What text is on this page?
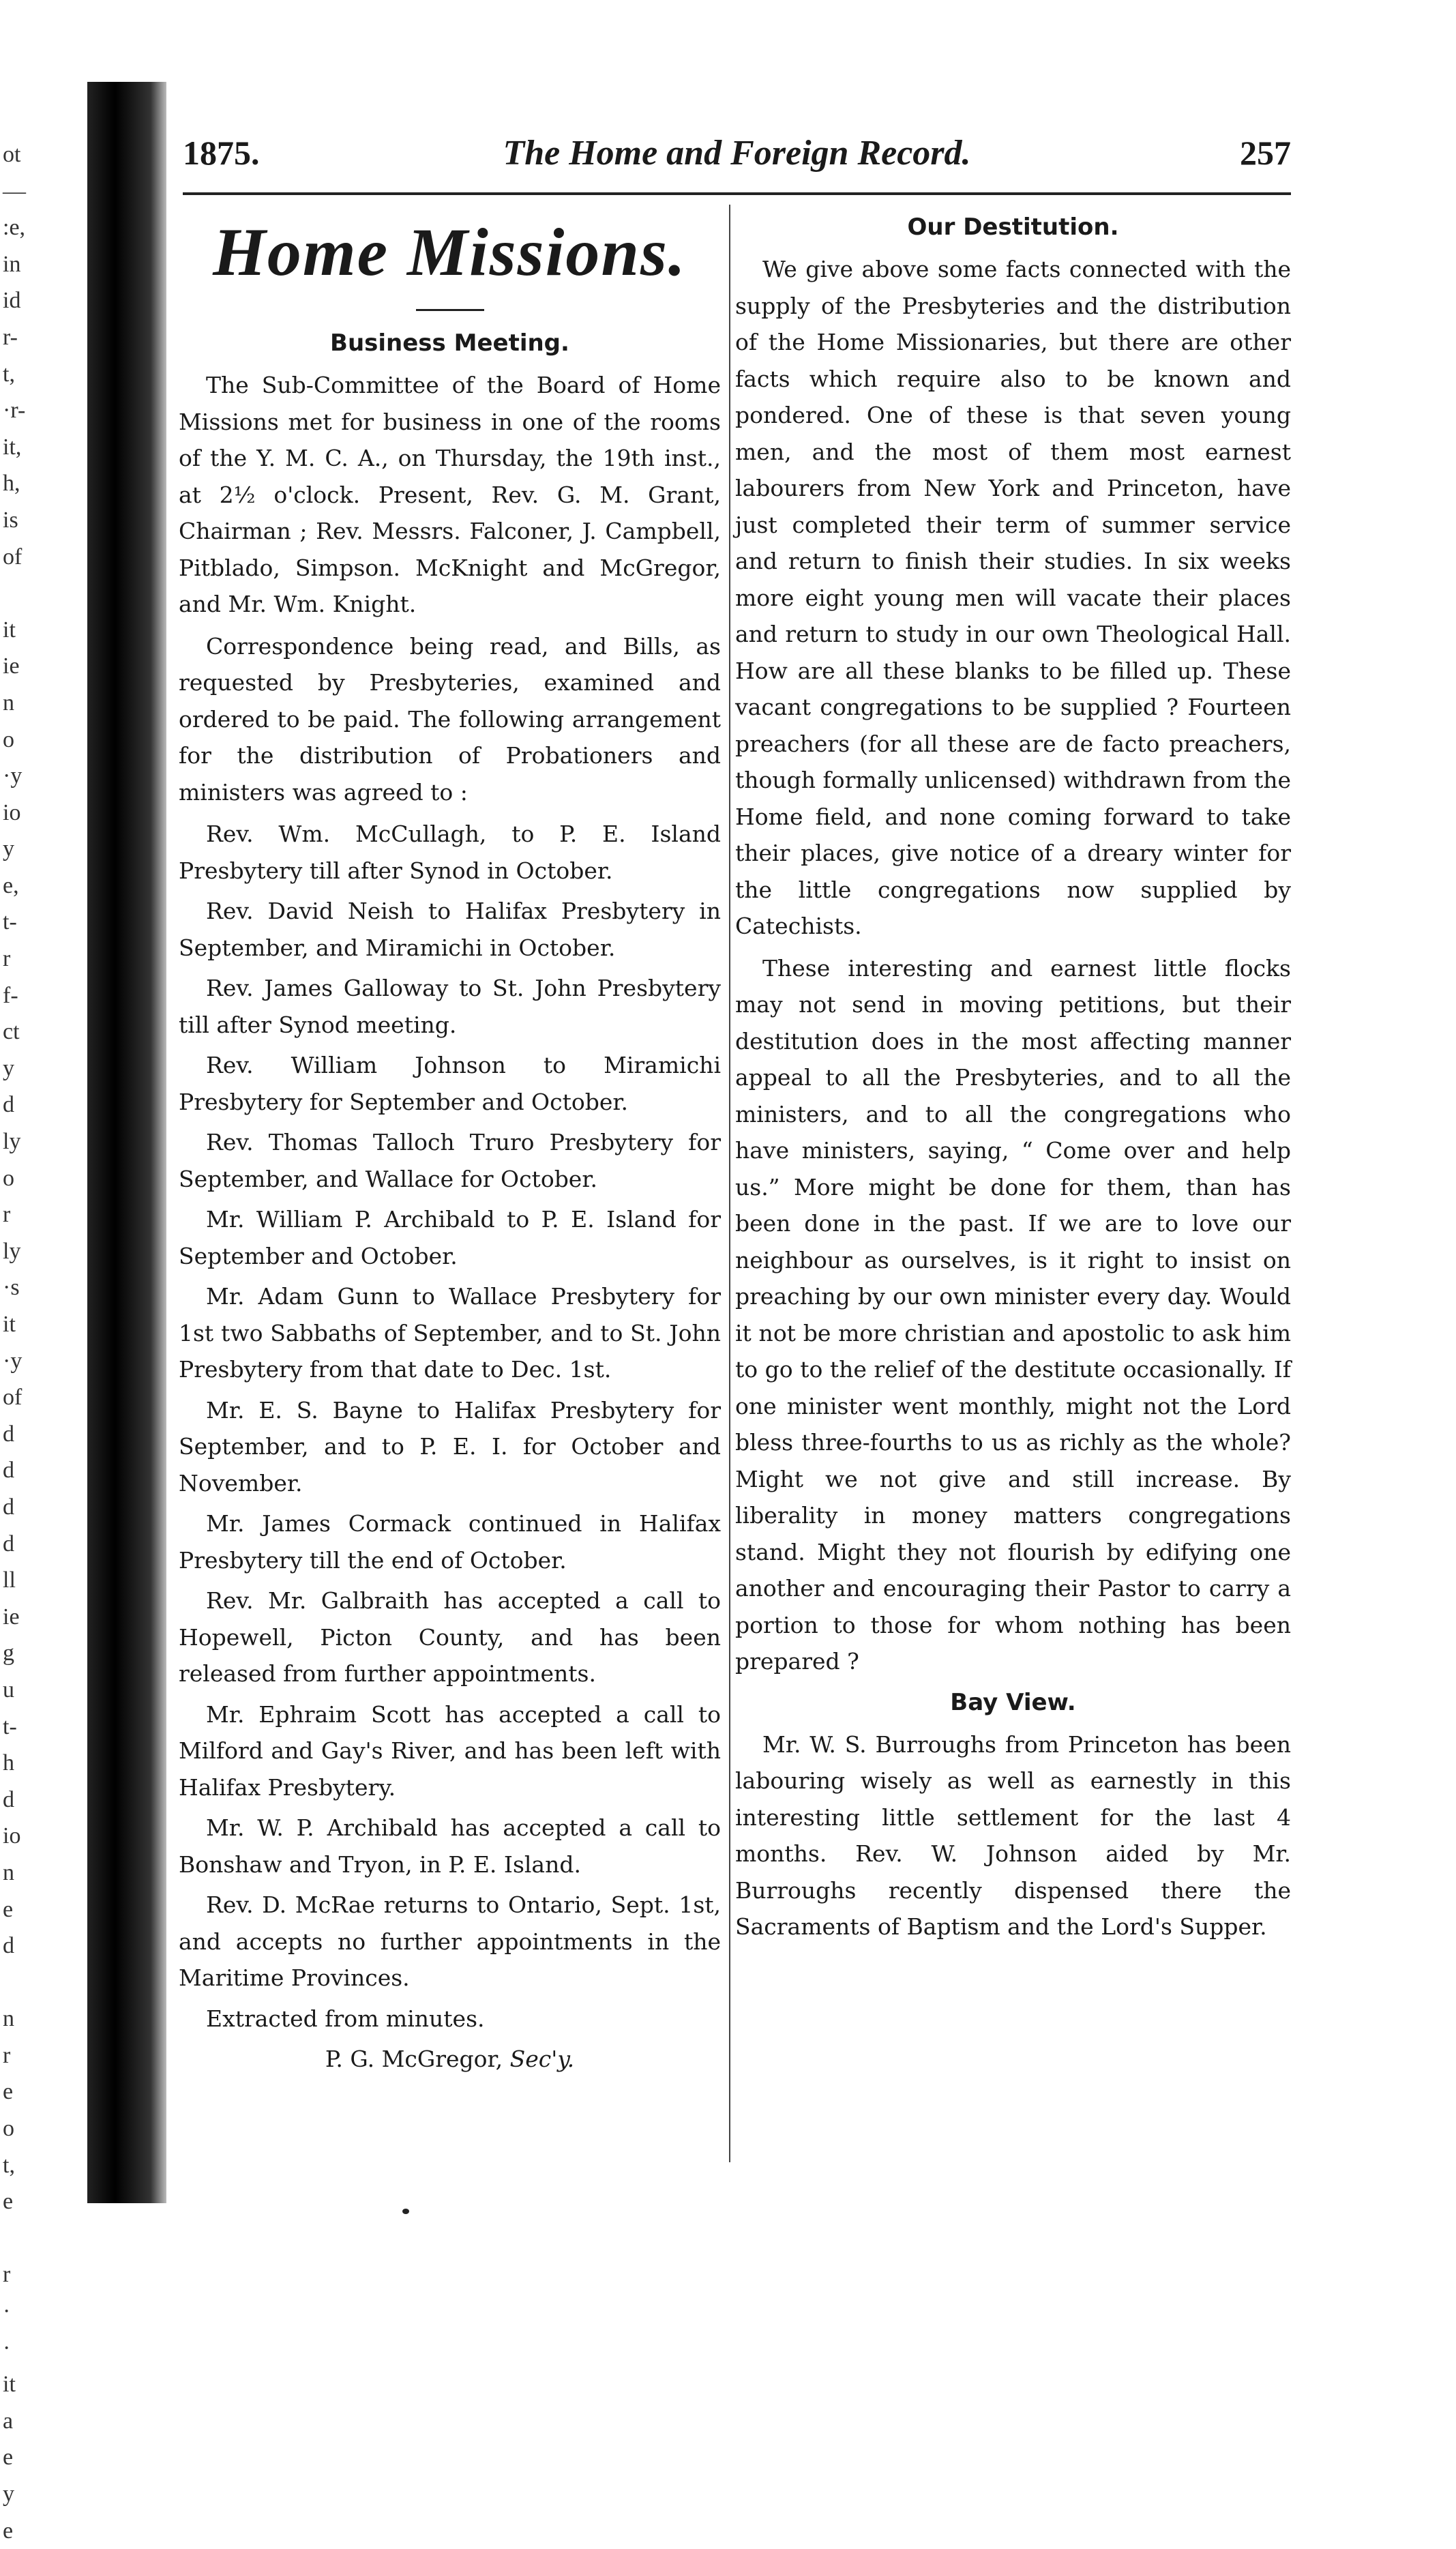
ot
—
:e,
in
id
r-
t,
·r-
it,
h,
is
of

it
ie
n
o
·y
io
y
e,
t-
r
f-
ct
y
d
ly
o
r
ly
·s
it
·y
of
d
d
d
d
ll
ie
g
u
t-
h
d
io
n
e
d

n
r
e
o
t,
e

r
·
·
it
a
e
y
e
1875.	The Home and Foreign Record.	257
Home Missions.
Business Meeting.

The Sub-Committee of the Board of Home Missions met for business in one of the rooms of the Y. M. C. A., on Thursday, the 19th inst., at 2½ o'clock. Present, Rev. G. M. Grant, Chairman ; Rev. Messrs. Falconer, J. Campbell, Pitblado, Simpson. McKnight and McGregor, and Mr. Wm. Knight.

Correspondence being read, and Bills, as requested by Presbyteries, examined and ordered to be paid. The following arrangement for the distribution of Probationers and ministers was agreed to :

Rev. Wm. McCullagh, to P. E. Island Presbytery till after Synod in October.

Rev. David Neish to Halifax Presbytery in September, and Miramichi in October.

Rev. James Galloway to St. John Presbytery till after Synod meeting.

Rev. William Johnson to Miramichi Presbytery for September and October.

Rev. Thomas Talloch Truro Presbytery for September, and Wallace for October.

Mr. William P. Archibald to P. E. Island for September and October.

Mr. Adam Gunn to Wallace Presbytery for 1st two Sabbaths of September, and to St. John Presbytery from that date to Dec. 1st.

Mr. E. S. Bayne to Halifax Presbytery for September, and to P. E. I. for October and November.

Mr. James Cormack continued in Halifax Presbytery till the end of October.

Rev. Mr. Galbraith has accepted a call to Hopewell, Picton County, and has been released from further appointments.

Mr. Ephraim Scott has accepted a call to Milford and Gay's River, and has been left with Halifax Presbytery.

Mr. W. P. Archibald has accepted a call to Bonshaw and Tryon, in P. E. Island.

Rev. D. McRae returns to Ontario, Sept. 1st, and accepts no further appointments in the Maritime Provinces.

Extracted from minutes.

P. G. McGregor, Sec'y.

Our Destitution.

We give above some facts connected with the supply of the Presbyteries and the distribution of the Home Missionaries, but there are other facts which require also to be known and pondered. One of these is that seven young men, and the most of them most earnest labourers from New York and Princeton, have just completed their term of summer service and return to finish their studies. In six weeks more eight young men will vacate their places and return to study in our own Theological Hall. How are all these blanks to be filled up. These vacant congregations to be supplied ? Fourteen preachers (for all these are de facto preachers, though formally unlicensed) withdrawn from the Home field, and none coming forward to take their places, give notice of a dreary winter for the little congregations now supplied by Catechists.

These interesting and earnest little flocks may not send in moving petitions, but their destitution does in the most affecting manner appeal to all the Presbyteries, and to all the ministers, and to all the congregations who have ministers, saying, “ Come over and help us.” More might be done for them, than has been done in the past. If we are to love our neighbour as ourselves, is it right to insist on preaching by our own minister every day. Would it not be more christian and apostolic to ask him to go to the relief of the destitute occasionally. If one minister went monthly, might not the Lord bless three-fourths to us as richly as the whole? Might we not give and still increase. By liberality in money matters congregations stand. Might they not flourish by edifying one another and encouraging their Pastor to carry a portion to those for whom nothing has been prepared ?

Bay View.

Mr. W. S. Burroughs from Princeton has been labouring wisely as well as earnestly in this interesting little settlement for the last 4 months. Rev. W. Johnson aided by Mr. Burroughs recently dispensed there the Sacraments of Baptism and the Lord's Supper.
